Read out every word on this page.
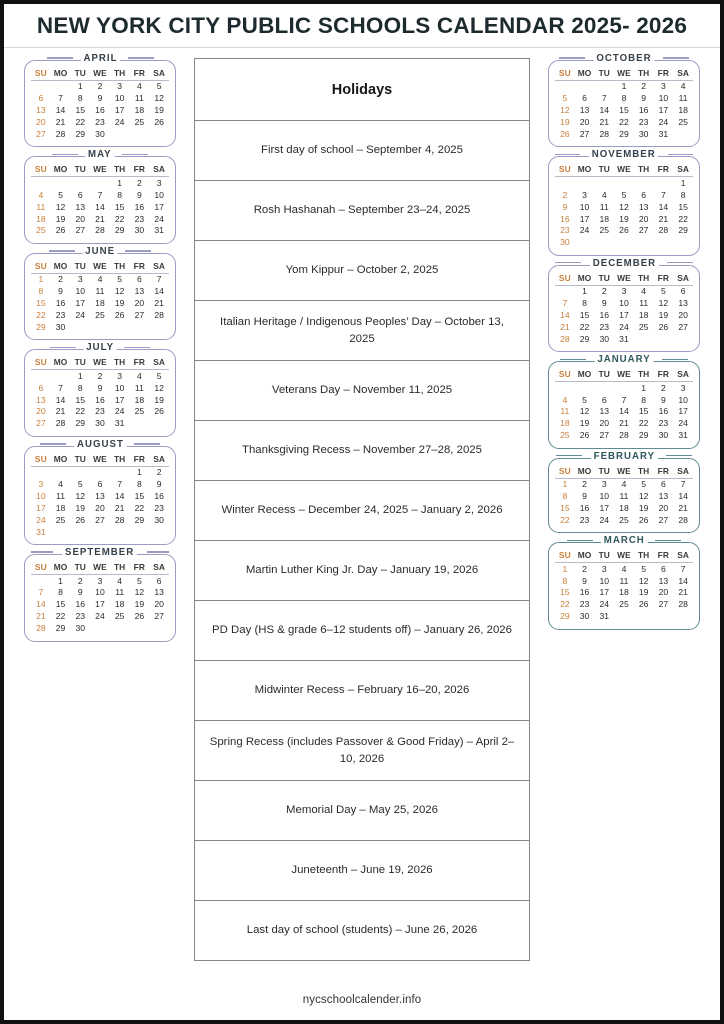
NEW YORK CITY PUBLIC SCHOOLS CALENDAR 2025- 2026
APRIL
SU	MO	TU	WE	TH	FR	SA
		1	2	3	4	5
6	7	8	9	10	11	12
13	14	15	16	17	18	19
20	21	22	23	24	25	26
27	28	29	30			
MAY
SU	MO	TU	WE	TH	FR	SA
				1	2	3
4	5	6	7	8	9	10
11	12	13	14	15	16	17
18	19	20	21	22	23	24
25	26	27	28	29	30	31
JUNE
SU	MO	TU	WE	TH	FR	SA
1	2	3	4	5	6	7
8	9	10	11	12	13	14
15	16	17	18	19	20	21
22	23	24	25	26	27	28
29	30					
JULY
SU	MO	TU	WE	TH	FR	SA
		1	2	3	4	5
6	7	8	9	10	11	12
13	14	15	16	17	18	19
20	21	22	23	24	25	26
27	28	29	30	31		
AUGUST
SU	MO	TU	WE	TH	FR	SA
					1	2
3	4	5	6	7	8	9
10	11	12	13	14	15	16
17	18	19	20	21	22	23
24	25	26	27	28	29	30
31						
SEPTEMBER
SU	MO	TU	WE	TH	FR	SA
	1	2	3	4	5	6
7	8	9	10	11	12	13
14	15	16	17	18	19	20
21	22	23	24	25	26	27
28	29	30				
Holidays
First day of school – September 4, 2025
Rosh Hashanah – September 23–24, 2025
Yom Kippur – October 2, 2025
Italian Heritage / Indigenous Peoples’ Day – October 13, 2025
Veterans Day – November 11, 2025
Thanksgiving Recess – November 27–28, 2025
Winter Recess – December 24, 2025 – January 2, 2026
Martin Luther King Jr. Day – January 19, 2026
PD Day (HS & grade 6–12 students off) – January 26, 2026
Midwinter Recess – February 16–20, 2026
Spring Recess (includes Passover & Good Friday) – April 2–10, 2026
Memorial Day – May 25, 2026
Juneteenth – June 19, 2026
Last day of school (students) – June 26, 2026
OCTOBER
SU	MO	TU	WE	TH	FR	SA
			1	2	3	4
5	6	7	8	9	10	11
12	13	14	15	16	17	18
19	20	21	22	23	24	25
26	27	28	29	30	31	
NOVEMBER
SU	MO	TU	WE	TH	FR	SA
						1
2	3	4	5	6	7	8
9	10	11	12	13	14	15
16	17	18	19	20	21	22
23	24	25	26	27	28	29
30						
DECEMBER
SU	MO	TU	WE	TH	FR	SA
	1	2	3	4	5	6
7	8	9	10	11	12	13
14	15	16	17	18	19	20
21	22	23	24	25	26	27
28	29	30	31			
JANUARY
SU	MO	TU	WE	TH	FR	SA
				1	2	3
4	5	6	7	8	9	10
11	12	13	14	15	16	17
18	19	20	21	22	23	24
25	26	27	28	29	30	31
FEBRUARY
SU	MO	TU	WE	TH	FR	SA
1	2	3	4	5	6	7
8	9	10	11	12	13	14
15	16	17	18	19	20	21
22	23	24	25	26	27	28
MARCH
SU	MO	TU	WE	TH	FR	SA
1	2	3	4	5	6	7
8	9	10	11	12	13	14
15	16	17	18	19	20	21
22	23	24	25	26	27	28
29	30	31				
nycschoolcalender.info
